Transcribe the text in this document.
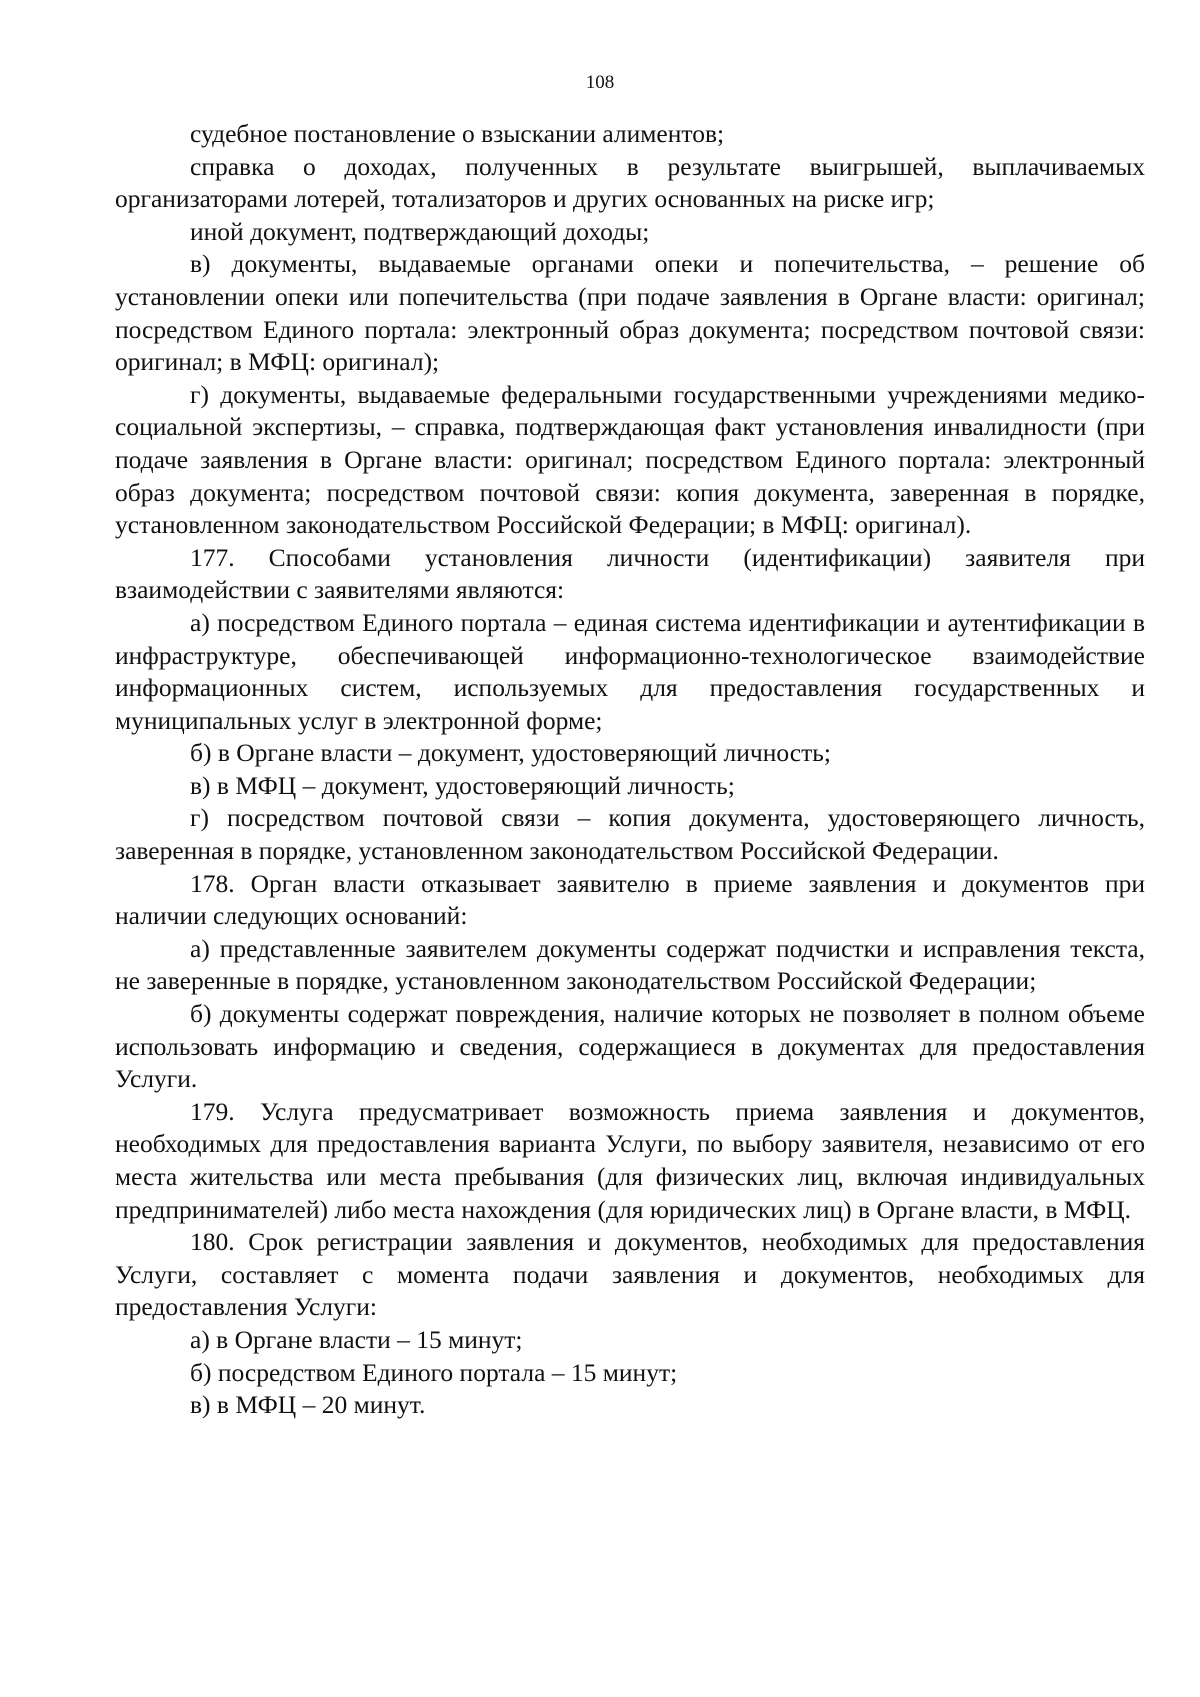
108

судебное постановление о взыскании алиментов;

справка о доходах, полученных в результате выигрышей, выплачиваемых организаторами лотерей, тотализаторов и других основанных на риске игр;

иной документ, подтверждающий доходы;

в) документы, выдаваемые органами опеки и попечительства, – решение об установлении опеки или попечительства (при подаче заявления в Органе власти: оригинал; посредством Единого портала: электронный образ документа; посредством почтовой связи: оригинал; в МФЦ: оригинал);

г) документы, выдаваемые федеральными государственными учреждениями медико-социальной экспертизы, – справка, подтверждающая факт установления инвалидности (при подаче заявления в Органе власти: оригинал; посредством Единого портала: электронный образ документа; посредством почтовой связи: копия документа, заверенная в порядке, установленном законодательством Российской Федерации; в МФЦ: оригинал).

177. Способами установления личности (идентификации) заявителя при взаимодействии с заявителями являются:

а) посредством Единого портала – единая система идентификации и аутентификации в инфраструктуре, обеспечивающей информационно-технологическое взаимодействие информационных систем, используемых для предоставления государственных и муниципальных услуг в электронной форме;

б) в Органе власти – документ, удостоверяющий личность;

в) в МФЦ – документ, удостоверяющий личность;

г) посредством почтовой связи – копия документа, удостоверяющего личность, заверенная в порядке, установленном законодательством Российской Федерации.

178. Орган власти отказывает заявителю в приеме заявления и документов при наличии следующих оснований:

а) представленные заявителем документы содержат подчистки и исправления текста, не заверенные в порядке, установленном законодательством Российской Федерации;

б) документы содержат повреждения, наличие которых не позволяет в полном объеме использовать информацию и сведения, содержащиеся в документах для предоставления Услуги.

179. Услуга предусматривает возможность приема заявления и документов, необходимых для предоставления варианта Услуги, по выбору заявителя, независимо от его места жительства или места пребывания (для физических лиц, включая индивидуальных предпринимателей) либо места нахождения (для юридических лиц) в Органе власти, в МФЦ.

180. Срок регистрации заявления и документов, необходимых для предоставления Услуги, составляет с момента подачи заявления и документов, необходимых для предоставления Услуги:

а) в Органе власти – 15 минут;

б) посредством Единого портала – 15 минут;

в) в МФЦ – 20 минут.
